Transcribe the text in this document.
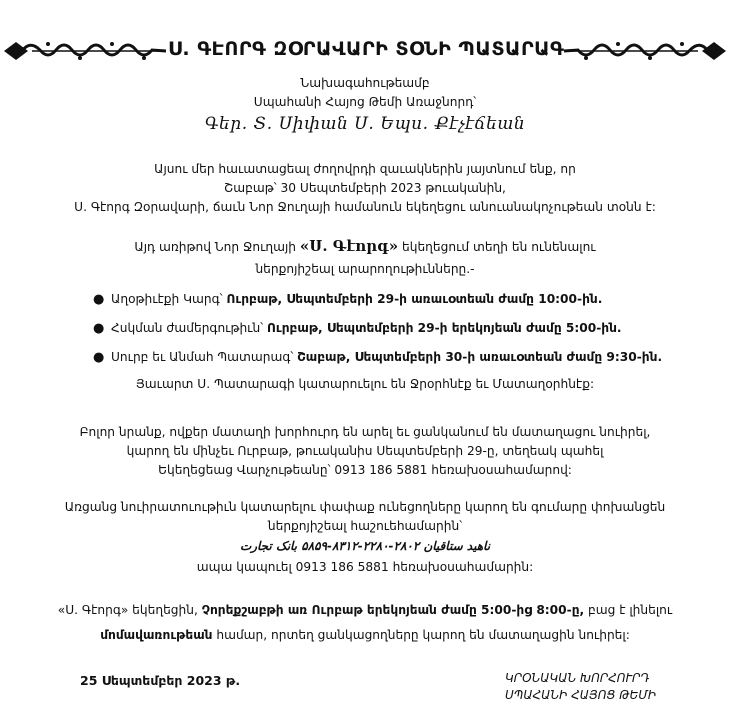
Ս. ԳԷՈՐԳ ԶՕՐԱՎԱՐԻ ՏՕՆԻ ՊԱՏԱՐԱԳ
Նախագահութեամբ
Սպահանի Հայոց Թեմի Առաջնորդ՝
Գեր․ Տ․ Սիփան Ս․ Եպս․ Քէչէճեան
Այսու մեր հաւատացեալ ժողովրդի զաւակներին յայտնում ենք, որ
Շաբաթ՝ 30 Սեպտեմբերի 2023 թուականին,
Ս. Գէորգ Զօրավարի, ճաւն Նոր Ջուղայի համանուն եկեղեցու անուանակոչութեան տօնն է:
Այդ առիթով Նոր Ջուղայի «Ս. Գէորգ» եկեղեցում տեղի են ունենալու
ներքոյիշեալ արարողութիւնները.-
● Աղօթիւէքի Կարգ՝ Ուրբաթ, Սեպտեմբերի 29-ի առաւօտեան ժամը 10:00-ին.
● Հսկման ժամերգութիւն՝ Ուրբաթ, Սեպտեմբերի 29-ի երեկոյեան ժամը 5:00-ին.
● Սուրբ եւ Անմահ Պատարագ՝ Շաբաթ, Սեպտեմբերի 30-ի առաւօտեան ժամը 9:30-ին.
Յաւարտ Ս. Պատարագի կատարուելու են Ջրօրհնէք եւ Մատաղօրհնէք:
Բոլոր նրանք, ովքեր մատաղի խորհուրդ են արել եւ ցանկանում են մատաղացու նուիրել,
կարող են մինչեւ Ուրբաթ, թուականիս Սեպտեմբերի 29-ը, տեղեակ պահել
Եկեղեցեաց Վարչութեանը՝ 0913 186 5881 հեռախօսահամարով:
Առցանց նուիրատուութիւն կատարելու փափաք ունեցողները կարող են գումարը փոխանցեն
ներքոյիշեալ հաշուեհամարին՝
ناهید ستاقیان ۲۸۰۲-۲۲۸۰-۸۳۱۲-۵۸۵۹ بانک تجارت
ապա կապուել 0913 186 5881 հեռախօսահամարին:
«Ս. Գէորգ» եկեղեցին, Չորեքշաբթի առ Ուրբաթ երեկոյեան ժամը 5:00-ից 8:00-ը, բաց է լինելու
մոմավառութեան համար, որտեղ ցանկացողները կարող են մատաղացին նուիրել:
25 Սեպտեմբեր 2023 թ.	ԿՐՕՆԱԿԱՆ ԽՈՐՀՈՒՐԴ
ՍՊԱՀԱՆԻ ՀԱՅՈՑ ԹԵՄԻ
